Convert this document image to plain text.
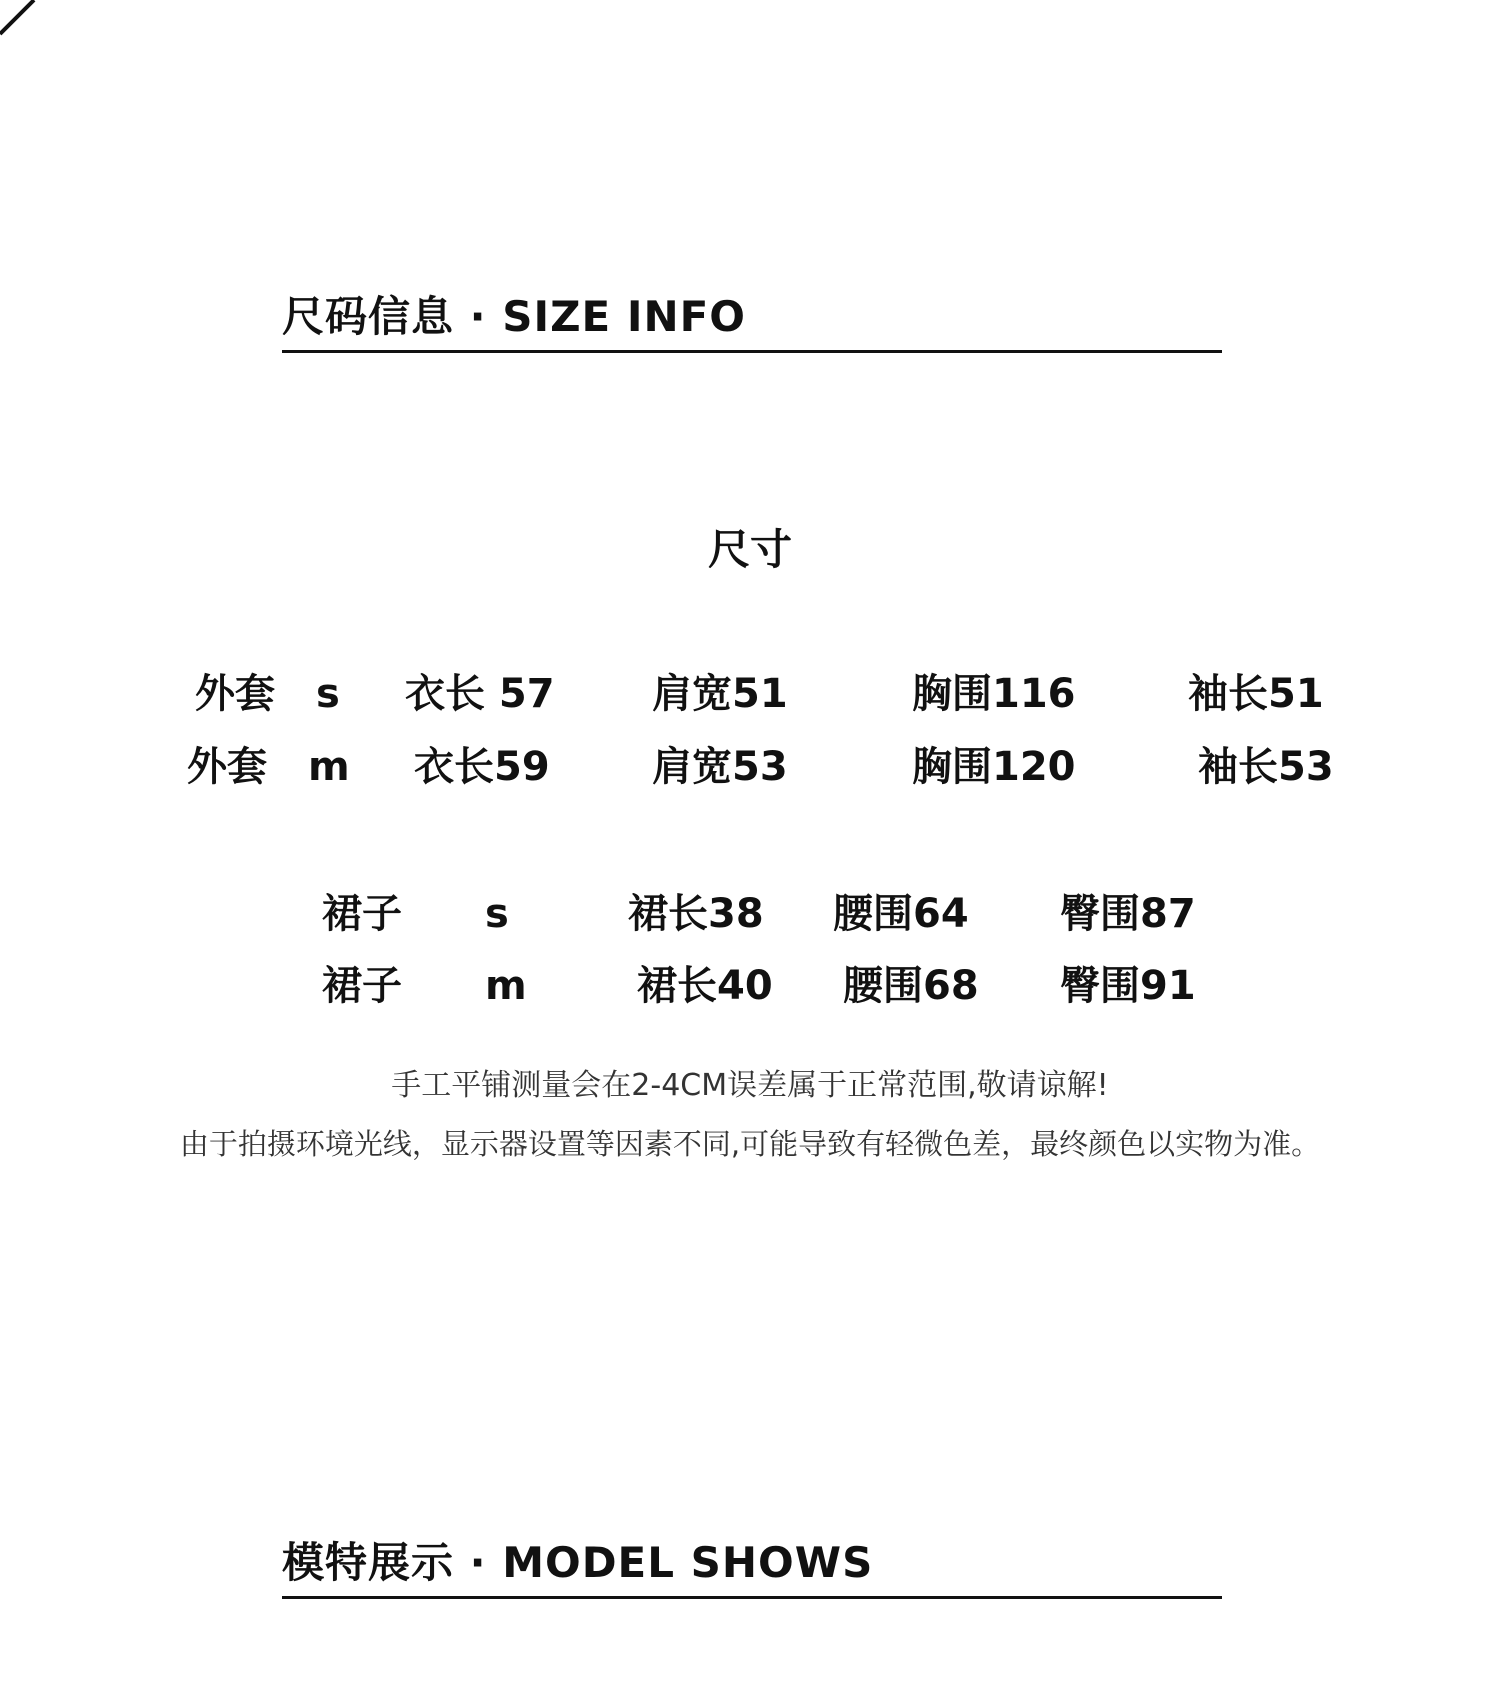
尺码信息 · SIZE INFO
尺寸
外套 s 衣长 57 肩宽51	胸围116	袖长51
外套 m 衣长59	肩宽53	胸围120	袖长53
裙子 s	裙长38 腰围64 臀围87
裙子 m	裙长40 腰围68 臀围91
手工平铺测量会在2-4CM误差属于正常范围,敬请谅解!
由于拍摄环境光线，显示器设置等因素不同,可能导致有轻微色差，最终颜色以实物为准。
模特展示 · MODEL SHOWS
